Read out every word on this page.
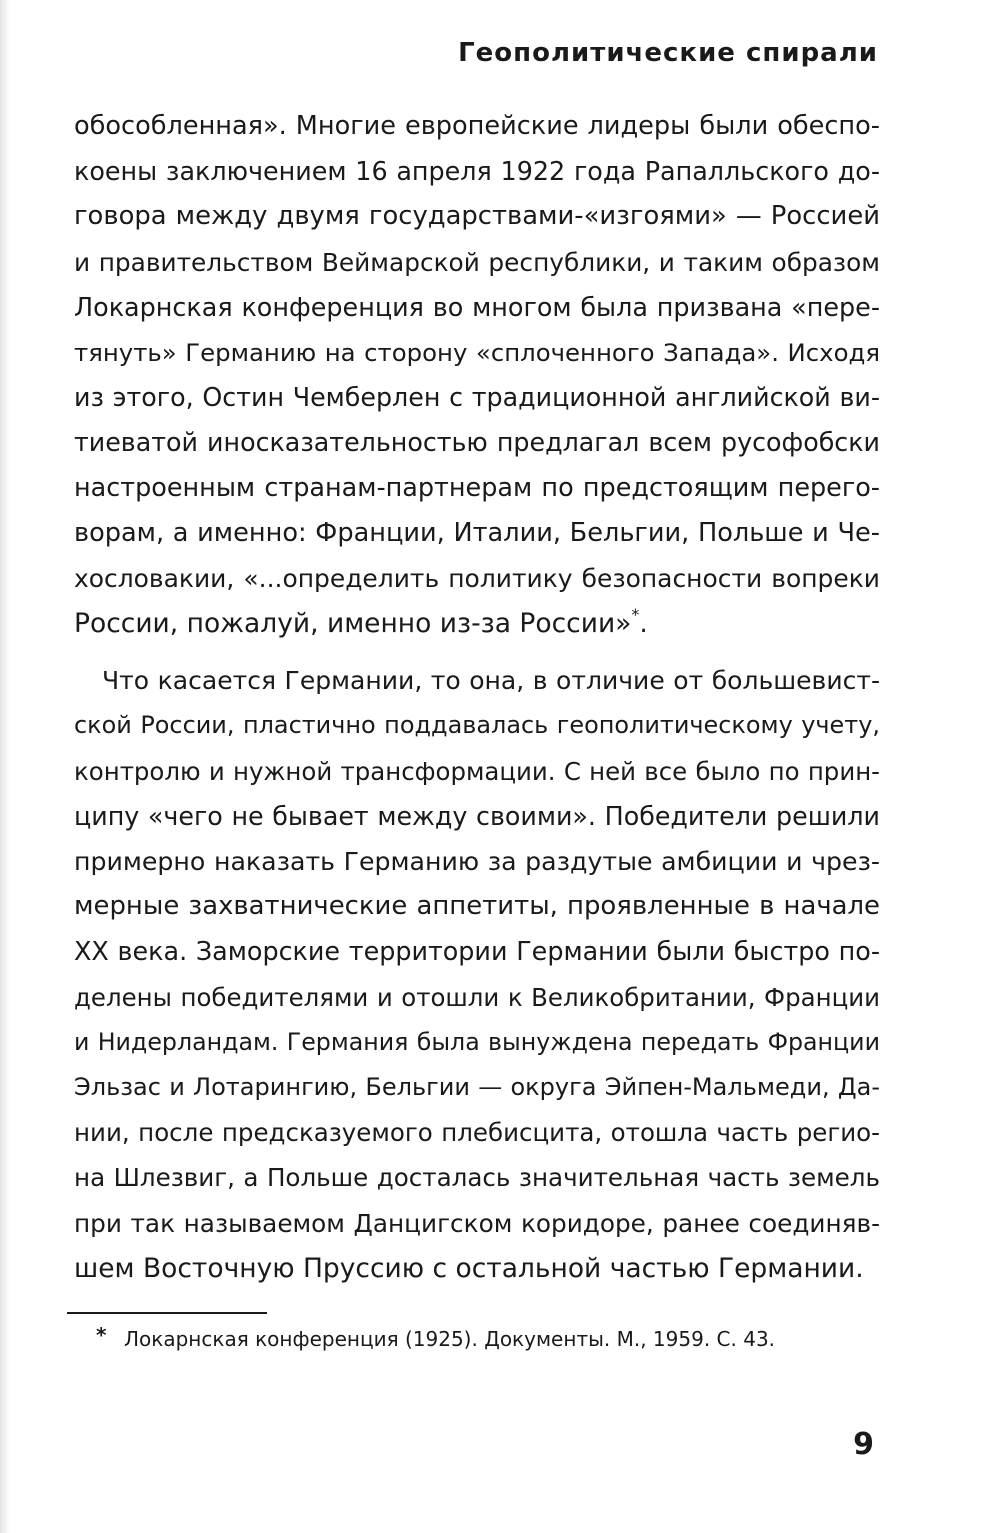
Геополитические спирали
обособленная». Многие европейские лидеры были обеспо-
коены заключением 16 апреля 1922 года Рапалльского до-
говора между двумя государствами-«изгоями» — Россией
и правительством Веймарской республики, и таким образом
Локарнская конференция во многом была призвана «пере-
тянуть» Германию на сторону «сплоченного Запада». Исходя
из этого, Остин Чемберлен с традиционной английской ви-
тиеватой иносказательностью предлагал всем русофобски
настроенным странам-партнерам по предстоящим перего-
ворам, а именно: Франции, Италии, Бельгии, Польше и Че-
хословакии, «...определить политику безопасности вопреки
России, пожалуй, именно из-за России»*.
Что касается Германии, то она, в отличие от большевист-
ской России, пластично поддавалась геополитическому учету,
контролю и нужной трансформации. С ней все было по прин-
ципу «чего не бывает между своими». Победители решили
примерно наказать Германию за раздутые амбиции и чрез-
мерные захватнические аппетиты, проявленные в начале
XX века. Заморские территории Германии были быстро по-
делены победителями и отошли к Великобритании, Франции
и Нидерландам. Германия была вынуждена передать Франции
Эльзас и Лотарингию, Бельгии — округа Эйпен-Мальмеди, Да-
нии, после предсказуемого плебисцита, отошла часть регио-
на Шлезвиг, а Польше досталась значительная часть земель
при так называемом Данцигском коридоре, ранее соединяв-
шем Восточную Пруссию с остальной частью Германии.
* Локарнская конференция (1925). Документы. М., 1959. С. 43.
9
